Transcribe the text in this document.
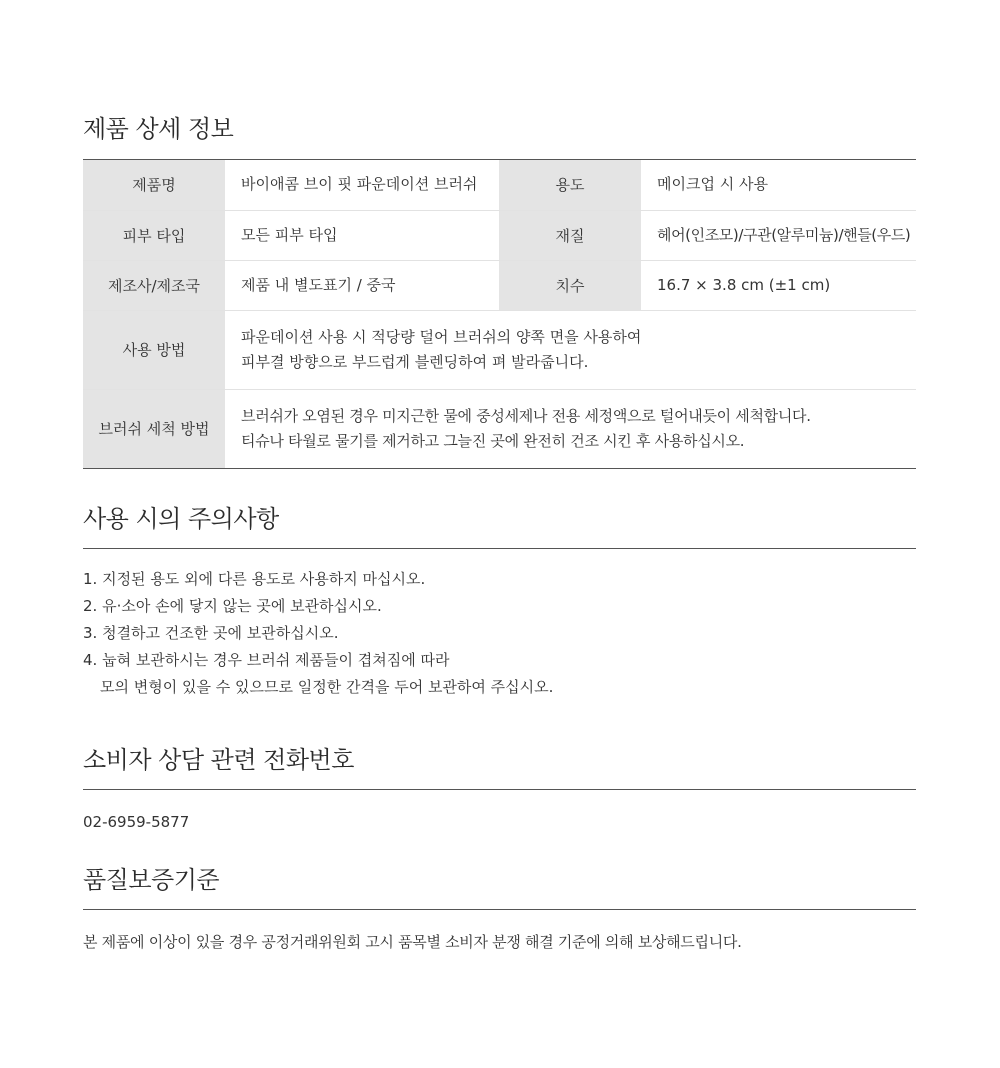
제품 상세 정보
제품명	바이애콤 브이 핏 파운데이션 브러쉬	용도	메이크업 시 사용
피부 타입	모든 피부 타입	재질	헤어(인조모)/구관(알루미늄)/핸들(우드)
제조사/제조국	제품 내 별도표기 / 중국	치수	16.7 × 3.8 cm (±1 cm)
사용 방법	파운데이션 사용 시 적당량 덜어 브러쉬의 양쪽 면을 사용하여
피부결 방향으로 부드럽게 블렌딩하여 펴 발라줍니다.		

브러쉬 세척 방법	브러쉬가 오염된 경우 미지근한 물에 중성세제나 전용 세정액으로 털어내듯이 세척합니다.
티슈나 타월로 물기를 제거하고 그늘진 곳에 완전히 건조 시킨 후 사용하십시오.		
사용 시의 주의사항
1. 지정된 용도 외에 다른 용도로 사용하지 마십시오.
2. 유·소아 손에 닿지 않는 곳에 보관하십시오.
3. 청결하고 건조한 곳에 보관하십시오.
4. 눕혀 보관하시는 경우 브러쉬 제품들이 겹쳐짐에 따라
모의 변형이 있을 수 있으므로 일정한 간격을 두어 보관하여 주십시오.
소비자 상담 관련 전화번호
02-6959-5877
품질보증기준
본 제품에 이상이 있을 경우 공정거래위원회 고시 품목별 소비자 분쟁 해결 기준에 의해 보상해드립니다.
